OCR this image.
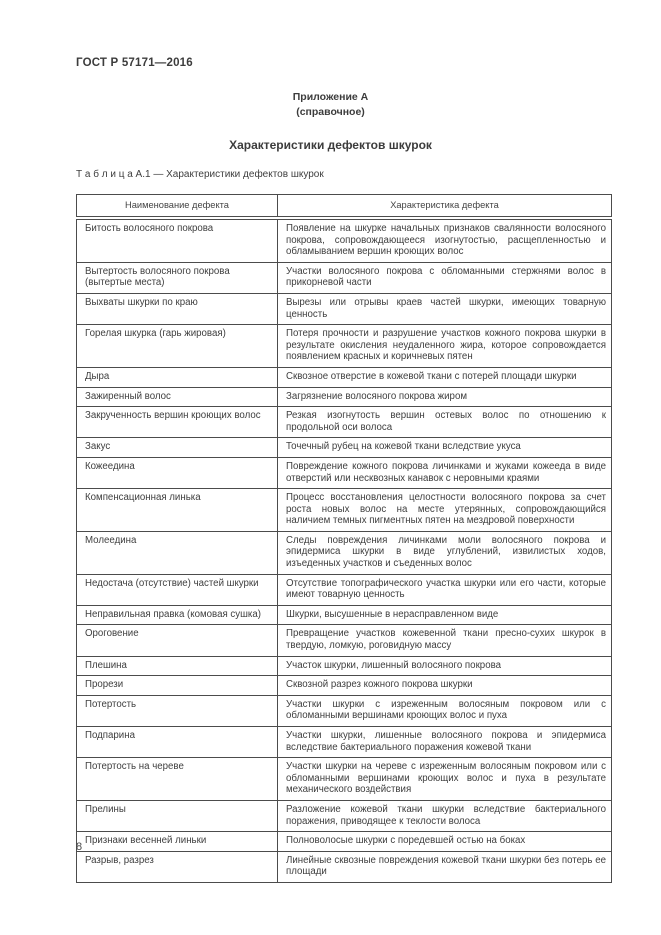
ГОСТ Р 57171—2016
Приложение А
(справочное)
Характеристики дефектов шкурок
Т а б л и ц а А.1 — Характеристики дефектов шкурок
Наименование дефекта	Характеристика дефекта
Битость волосяного покрова	Появление на шкурке начальных признаков свалянности волосяного покрова, сопровождающееся изогнутостью, расщепленностью и обламыванием вершин кроющих волос
Вытертость волосяного покрова (вытертые места)	Участки волосяного покрова с обломанными стержнями волос в прикорневой части
Выхваты шкурки по краю	Вырезы или отрывы краев частей шкурки, имеющих товарную ценность
Горелая шкурка (гарь жировая)	Потеря прочности и разрушение участков кожного покрова шкурки в результате окисления неудаленного жира, которое сопровождается появлением красных и коричневых пятен
Дыра	Сквозное отверстие в кожевой ткани с потерей площади шкурки
Зажиренный волос	Загрязнение волосяного покрова жиром
Закрученность вершин кроющих волос	Резкая изогнутость вершин остевых волос по отношению к продольной оси волоса
Закус	Точечный рубец на кожевой ткани вследствие укуса
Кожеедина	Повреждение кожного покрова личинками и жуками кожееда в виде отверстий или несквозных канавок с неровными краями
Компенсационная линька	Процесс восстановления целостности волосяного покрова за счет роста новых волос на месте утерянных, сопровождающийся наличием темных пигментных пятен на мездровой поверхности
Молеедина	Следы повреждения личинками моли волосяного покрова и эпидермиса шкурки в виде углублений, извилистых ходов, изъеденных участков и съеденных волос
Недостача (отсутствие) частей шкурки	Отсутствие топографического участка шкурки или его части, которые имеют товарную ценность
Неправильная правка (комовая сушка)	Шкурки, высушенные в нерасправленном виде
Ороговение	Превращение участков кожевенной ткани пресно-сухих шкурок в твердую, ломкую, роговидную массу
Плешина	Участок шкурки, лишенный волосяного покрова
Прорези	Сквозной разрез кожного покрова шкурки
Потертость	Участки шкурки с изреженным волосяным покровом или с обломанными вершинами кроющих волос и пуха
Подпарина	Участки шкурки, лишенные волосяного покрова и эпидермиса вследствие бактериального поражения кожевой ткани
Потертость на череве	Участки шкурки на череве с изреженным волосяным покровом или с обломанными вершинами кроющих волос и пуха в результате механического воздействия
Прелины	Разложение кожевой ткани шкурки вследствие бактериального поражения, приводящее к теклости волоса
Признаки весенней линьки	Полноволосые шкурки с поредевшей остью на боках
Разрыв, разрез	Линейные сквозные повреждения кожевой ткани шкурки без потерь ее площади
8
